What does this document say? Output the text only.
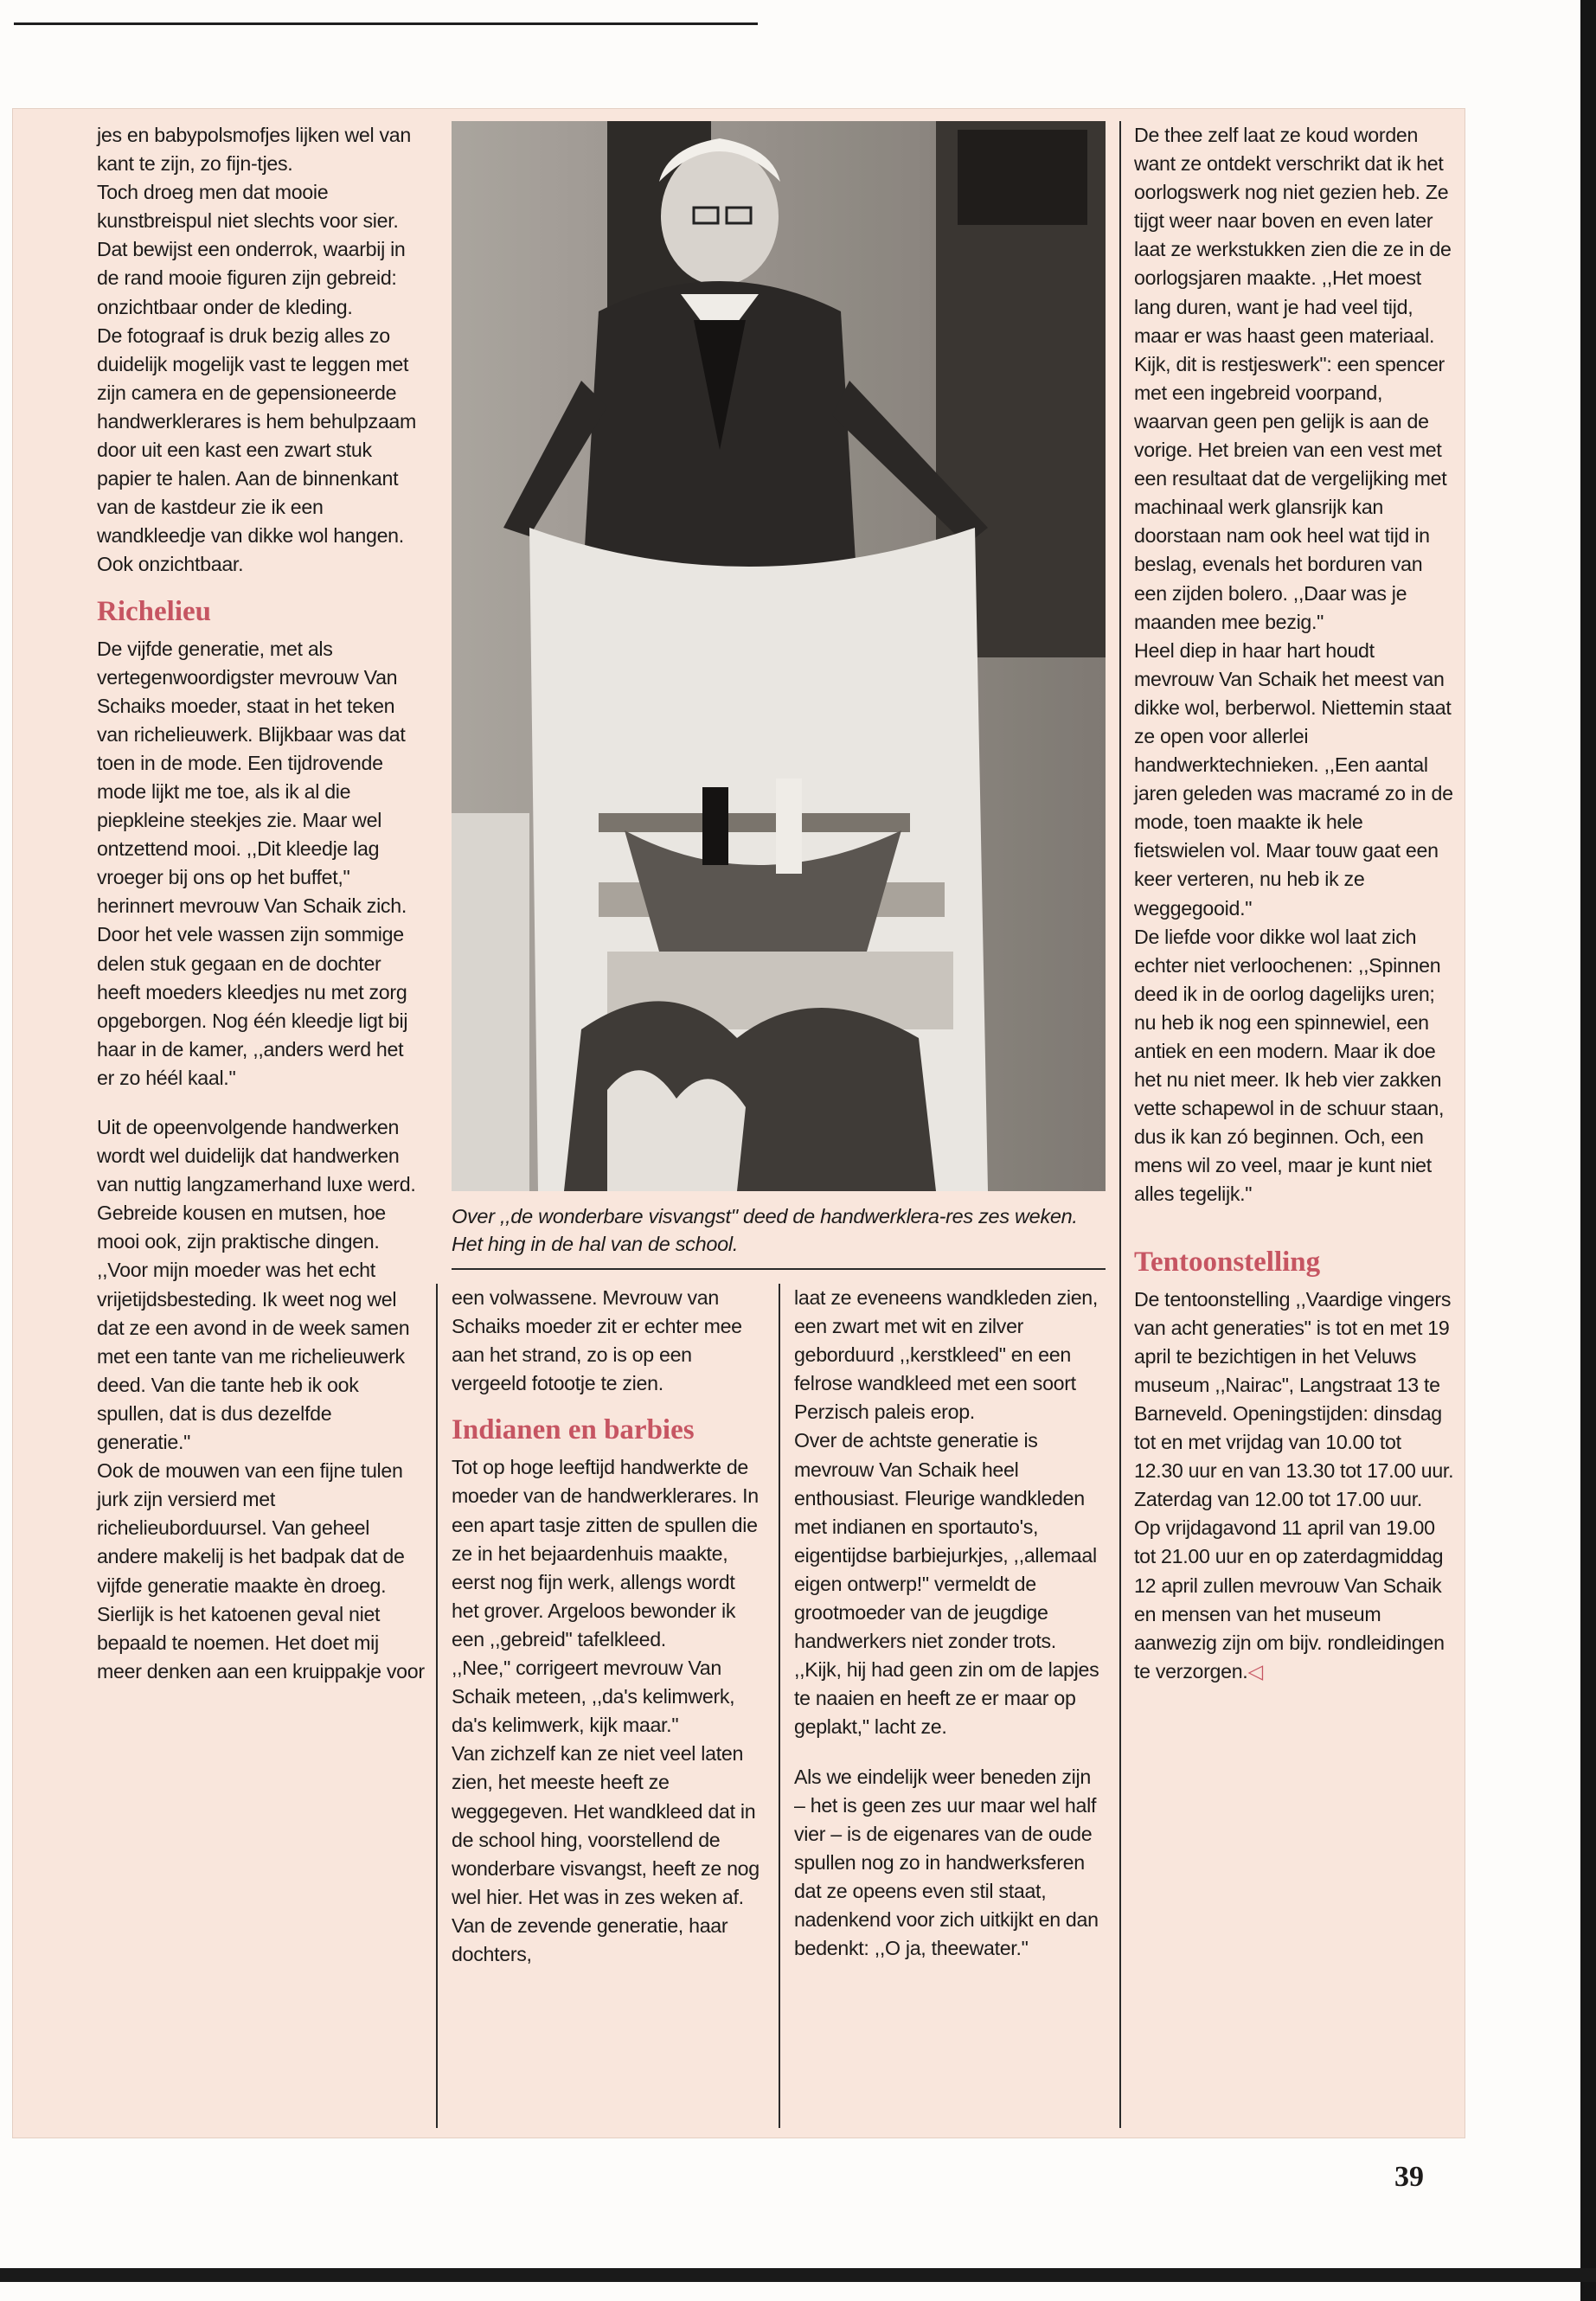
jes en babypolsmofjes lijken wel van kant te zijn, zo fijn-tjes.

Toch droeg men dat mooie kunstbreispul niet slechts voor sier. Dat bewijst een onderrok, waarbij in de rand mooie figuren zijn gebreid: onzichtbaar onder de kleding.

De fotograaf is druk bezig alles zo duidelijk mogelijk vast te leggen met zijn camera en de gepensioneerde handwerklerares is hem behulpzaam door uit een kast een zwart stuk papier te halen. Aan de binnenkant van de kastdeur zie ik een wandkleedje van dikke wol hangen. Ook onzichtbaar.

Richelieu

De vijfde generatie, met als vertegenwoordigster mevrouw Van Schaiks moeder, staat in het teken van richelieuwerk. Blijkbaar was dat toen in de mode. Een tijdrovende mode lijkt me toe, als ik al die piepkleine steekjes zie. Maar wel ontzettend mooi. ,,Dit kleedje lag vroeger bij ons op het buffet," herinnert mevrouw Van Schaik zich. Door het vele wassen zijn sommige delen stuk gegaan en de dochter heeft moeders kleedjes nu met zorg opgeborgen. Nog één kleedje ligt bij haar in de kamer, ,,anders werd het er zo héél kaal."

Uit de opeenvolgende handwerken wordt wel duidelijk dat handwerken van nuttig langzamerhand luxe werd. Gebreide kousen en mutsen, hoe mooi ook, zijn praktische dingen. ,,Voor mijn moeder was het echt vrijetijdsbesteding. Ik weet nog wel dat ze een avond in de week samen met een tante van me richelieuwerk deed. Van die tante heb ik ook spullen, dat is dus dezelfde generatie."

Ook de mouwen van een fijne tulen jurk zijn versierd met richelieuborduursel. Van geheel andere makelij is het badpak dat de vijfde generatie maakte èn droeg. Sierlijk is het katoenen geval niet bepaald te noemen. Het doet mij meer denken aan een kruippakje voor

Over ,,de wonderbare visvangst" deed de handwerklera-res zes weken. Het hing in de hal van de school.

een volwassene. Mevrouw van Schaiks moeder zit er echter mee aan het strand, zo is op een vergeeld fotootje te zien.

Indianen en barbies

Tot op hoge leeftijd handwerkte de moeder van de handwerklerares. In een apart tasje zitten de spullen die ze in het bejaardenhuis maakte, eerst nog fijn werk, allengs wordt het grover. Argeloos bewonder ik een ,,gebreid" tafelkleed.

,,Nee," corrigeert mevrouw Van Schaik meteen, ,,da's kelimwerk, da's kelimwerk, kijk maar."

Van zichzelf kan ze niet veel laten zien, het meeste heeft ze weggegeven. Het wandkleed dat in de school hing, voorstellend de wonderbare visvangst, heeft ze nog wel hier. Het was in zes weken af. Van de zevende generatie, haar dochters,

laat ze eveneens wandkleden zien, een zwart met wit en zilver geborduurd ,,kerstkleed" en een felrose wandkleed met een soort Perzisch paleis erop.

Over de achtste generatie is mevrouw Van Schaik heel enthousiast. Fleurige wandkleden met indianen en sportauto's, eigentijdse barbiejurkjes, ,,allemaal eigen ontwerp!" vermeldt de grootmoeder van de jeugdige handwerkers niet zonder trots. ,,Kijk, hij had geen zin om de lapjes te naaien en heeft ze er maar op geplakt," lacht ze.

Als we eindelijk weer beneden zijn – het is geen zes uur maar wel half vier – is de eigenares van de oude spullen nog zo in handwerksferen dat ze opeens even stil staat, nadenkend voor zich uitkijkt en dan bedenkt: ,,O ja, theewater."

De thee zelf laat ze koud worden want ze ontdekt verschrikt dat ik het oorlogswerk nog niet gezien heb. Ze tijgt weer naar boven en even later laat ze werkstukken zien die ze in de oorlogsjaren maakte. ,,Het moest lang duren, want je had veel tijd, maar er was haast geen materiaal. Kijk, dit is restjeswerk": een spencer met een ingebreid voorpand, waarvan geen pen gelijk is aan de vorige. Het breien van een vest met een resultaat dat de vergelijking met machinaal werk glansrijk kan doorstaan nam ook heel wat tijd in beslag, evenals het borduren van een zijden bolero. ,,Daar was je maanden mee bezig."

Heel diep in haar hart houdt mevrouw Van Schaik het meest van dikke wol, berberwol. Niettemin staat ze open voor allerlei handwerktechnieken. ,,Een aantal jaren geleden was macramé zo in de mode, toen maakte ik hele fietswielen vol. Maar touw gaat een keer verteren, nu heb ik ze weggegooid."

De liefde voor dikke wol laat zich echter niet verloochenen: ,,Spinnen deed ik in de oorlog dagelijks uren; nu heb ik nog een spinnewiel, een antiek en een modern. Maar ik doe het nu niet meer. Ik heb vier zakken vette schapewol in de schuur staan, dus ik kan zó beginnen. Och, een mens wil zo veel, maar je kunt niet alles tegelijk."

Tentoonstelling

De tentoonstelling ,,Vaardige vingers van acht generaties" is tot en met 19 april te bezichtigen in het Veluws museum ,,Nairac", Langstraat 13 te Barneveld. Openingstijden: dinsdag tot en met vrijdag van 10.00 tot 12.30 uur en van 13.30 tot 17.00 uur. Zaterdag van 12.00 tot 17.00 uur.

Op vrijdagavond 11 april van 19.00 tot 21.00 uur en op zaterdagmiddag 12 april zullen mevrouw Van Schaik en mensen van het museum aanwezig zijn om bijv. rondleidingen te verzorgen.◁

39
